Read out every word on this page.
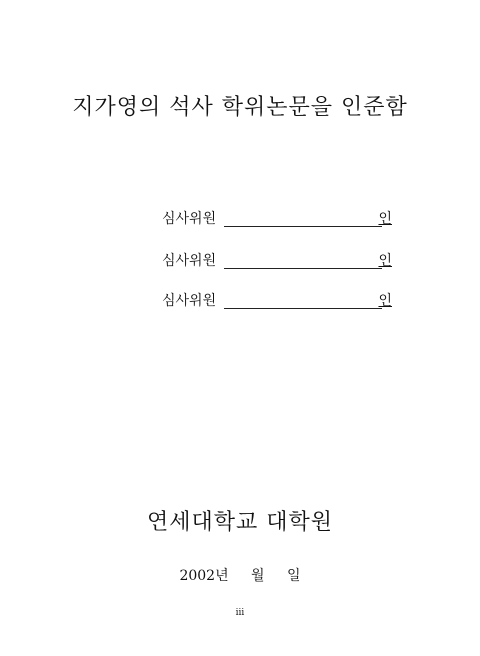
지가영의 석사 학위논문을 인준함
심사위원	인
심사위원	인
심사위원	인
연세대학교 대학원
2002년 월 일
iii
